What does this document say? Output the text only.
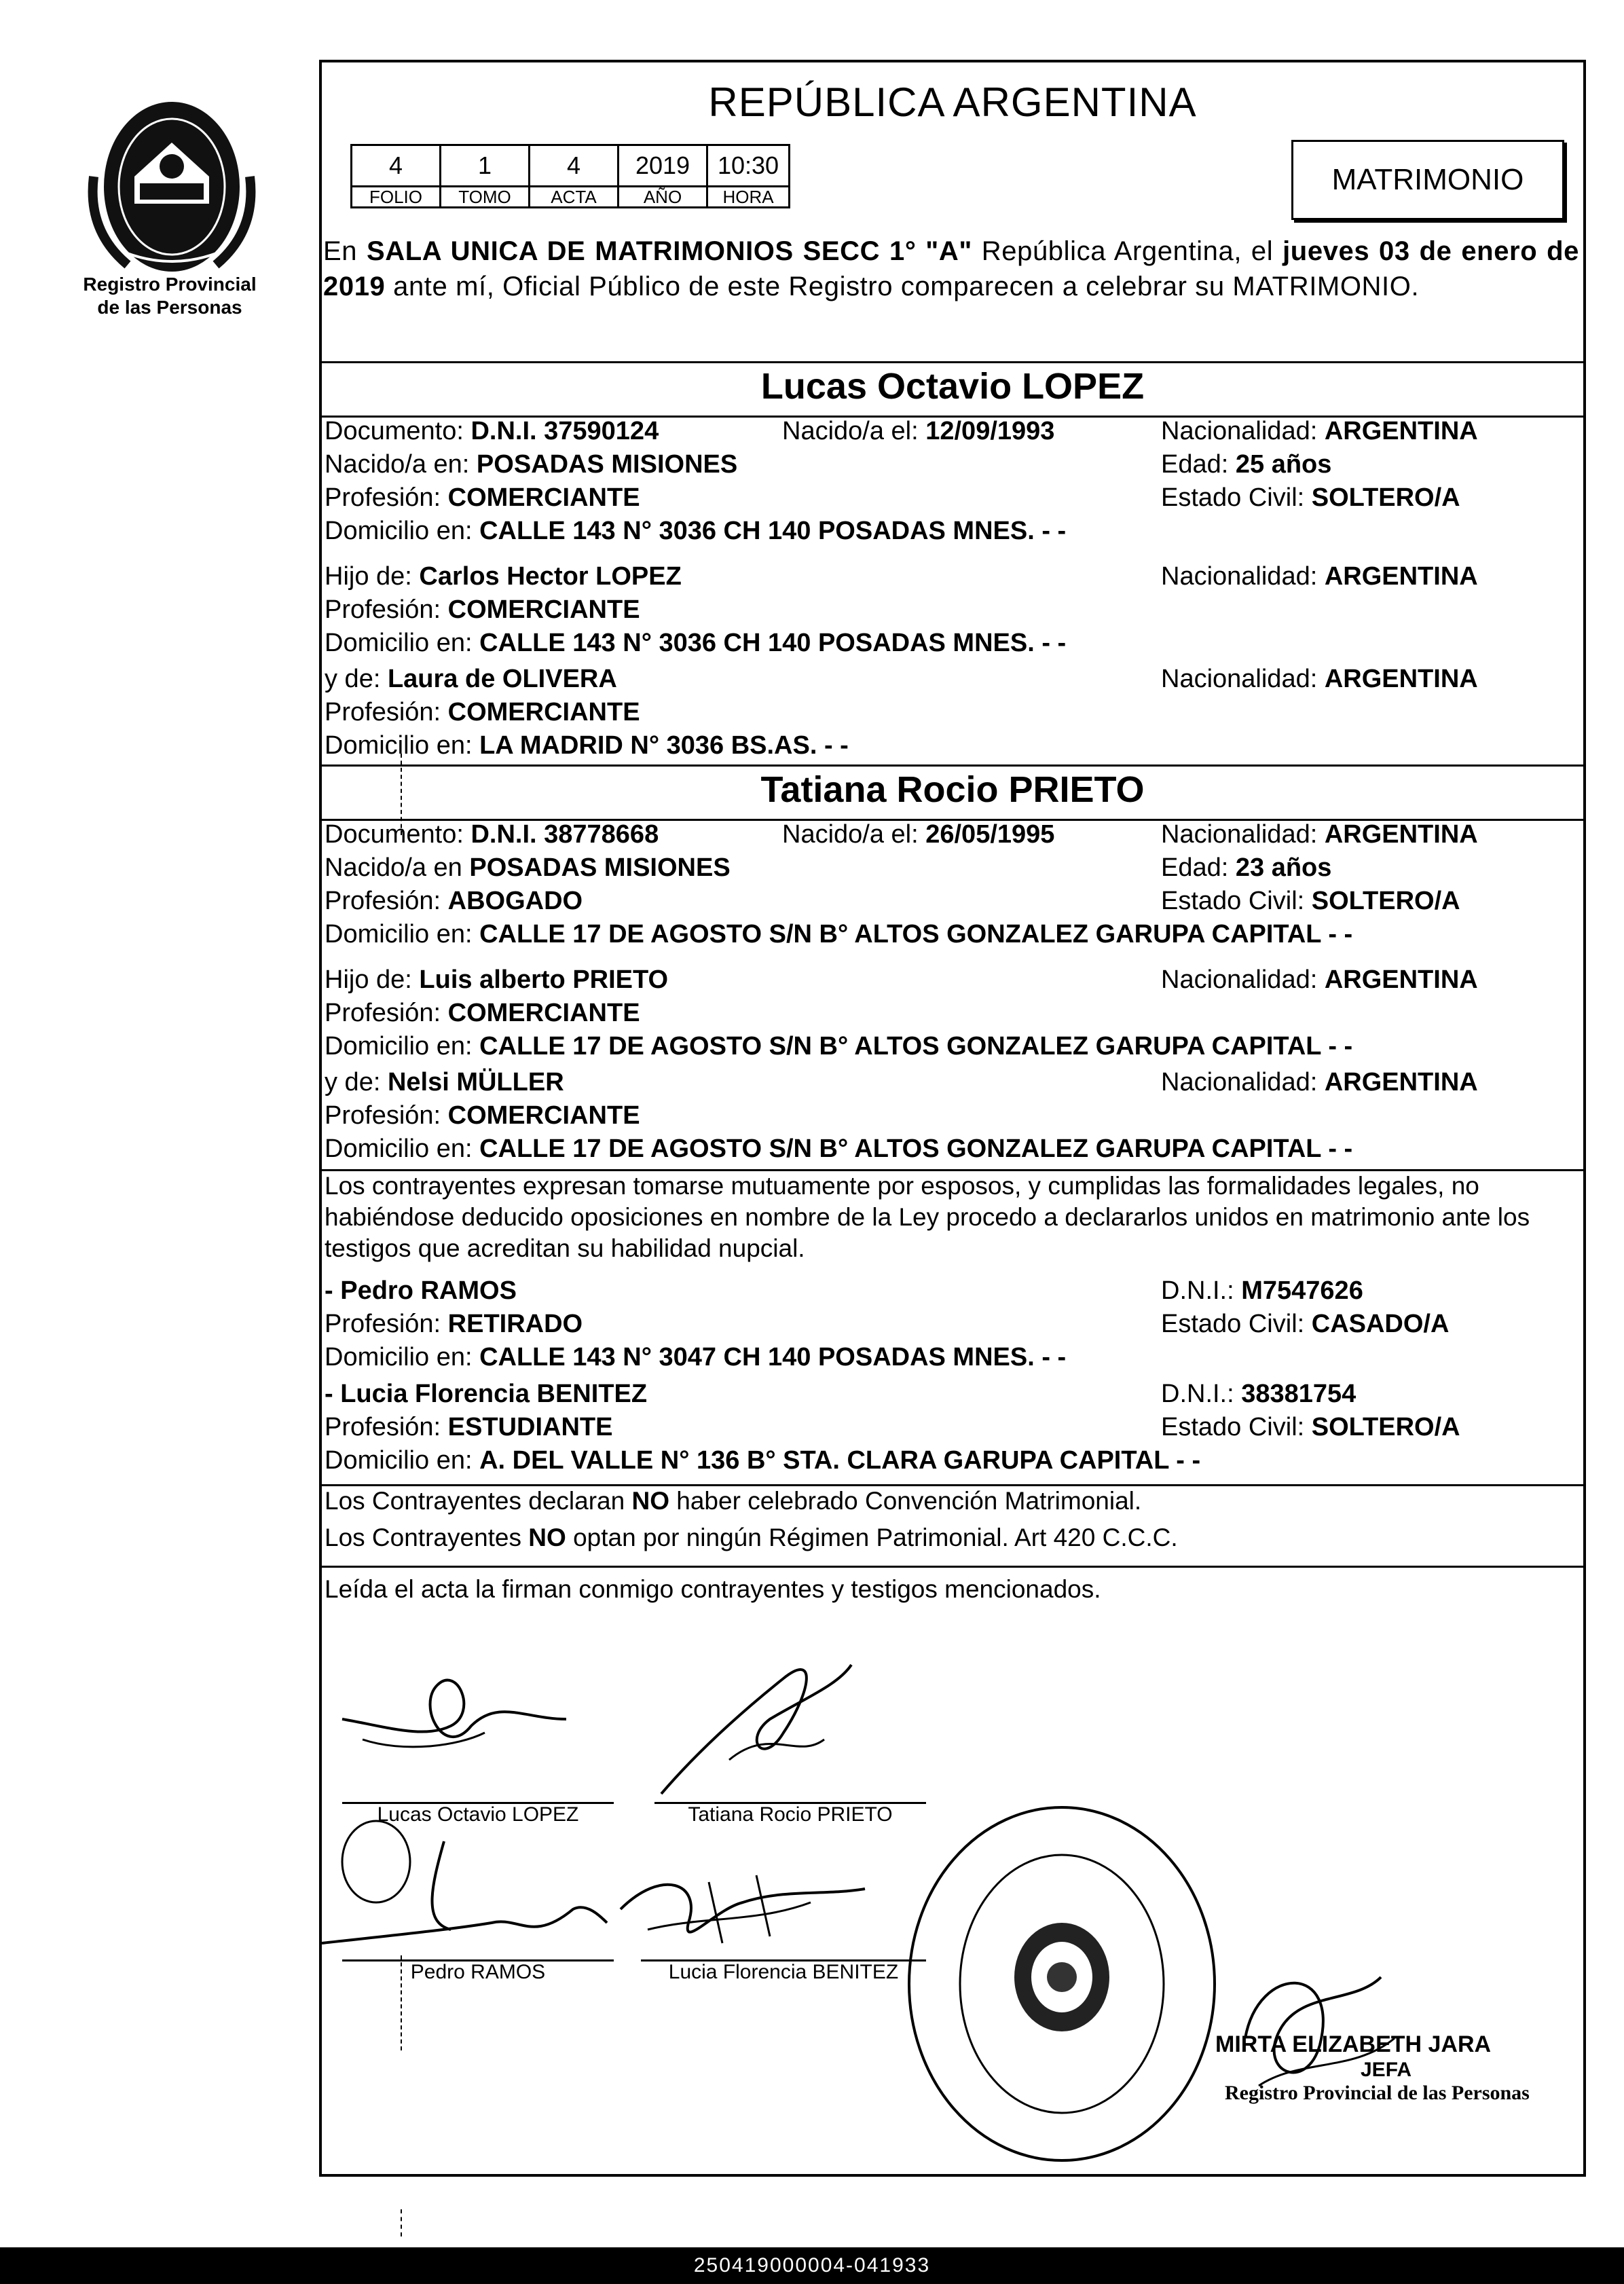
Registro Provincial
de las Personas
REPÚBLICA ARGENTINA
4	1	4	2019	10:30
FOLIO	TOMO	ACTA	AÑO	HORA
MATRIMONIO
En SALA UNICA DE MATRIMONIOS SECC 1° "A" República Argentina, el jueves 03 de enero de 2019 ante mí, Oficial Público de este Registro comparecen a celebrar su MATRIMONIO.
Lucas Octavio LOPEZ
Documento: D.N.I. 37590124	Nacido/a el: 12/09/1993	Nacionalidad: ARGENTINA
Nacido/a en: POSADAS MISIONES	Edad: 25 años
Profesión: COMERCIANTE	Estado Civil: SOLTERO/A
Domicilio en: CALLE 143 N° 3036 CH 140 POSADAS MNES. - -
Hijo de: Carlos Hector LOPEZ	Nacionalidad: ARGENTINA
Profesión: COMERCIANTE
Domicilio en: CALLE 143 N° 3036 CH 140 POSADAS MNES. - -
y de: Laura de OLIVERA	Nacionalidad: ARGENTINA
Profesión: COMERCIANTE
Domicilio en: LA MADRID N° 3036 BS.AS. - -
Tatiana Rocio PRIETO
Documento: D.N.I. 38778668	Nacido/a el: 26/05/1995	Nacionalidad: ARGENTINA
Nacido/a en POSADAS MISIONES	Edad: 23 años
Profesión: ABOGADO	Estado Civil: SOLTERO/A
Domicilio en: CALLE 17 DE AGOSTO S/N B° ALTOS GONZALEZ GARUPA CAPITAL - -
Hijo de: Luis alberto PRIETO	Nacionalidad: ARGENTINA
Profesión: COMERCIANTE
Domicilio en: CALLE 17 DE AGOSTO S/N B° ALTOS GONZALEZ GARUPA CAPITAL - -
y de: Nelsi MÜLLER	Nacionalidad: ARGENTINA
Profesión: COMERCIANTE
Domicilio en: CALLE 17 DE AGOSTO S/N B° ALTOS GONZALEZ GARUPA CAPITAL - -
Los contrayentes expresan tomarse mutuamente por esposos, y cumplidas las formalidades legales, no habiéndose deducido oposiciones en nombre de la Ley procedo a declararlos unidos en matrimonio ante los testigos que acreditan su habilidad nupcial.
- Pedro RAMOS	D.N.I.: M7547626
Profesión: RETIRADO	Estado Civil: CASADO/A
Domicilio en: CALLE 143 N° 3047 CH 140 POSADAS MNES. - -
- Lucia Florencia BENITEZ	D.N.I.: 38381754
Profesión: ESTUDIANTE	Estado Civil: SOLTERO/A
Domicilio en: A. DEL VALLE N° 136 B° STA. CLARA GARUPA CAPITAL - -
Los Contrayentes declaran NO haber celebrado Convención Matrimonial.
Los Contrayentes NO optan por ningún Régimen Patrimonial. Art 420 C.C.C.
Leída el acta la firman conmigo contrayentes y testigos mencionados.
Lucas Octavio LOPEZ	Tatiana Rocio PRIETO
Pedro RAMOS	Lucia Florencia BENITEZ
MIRTA ELIZABETH JARA
JEFA
Registro Provincial de las Personas
250419000004-041933
